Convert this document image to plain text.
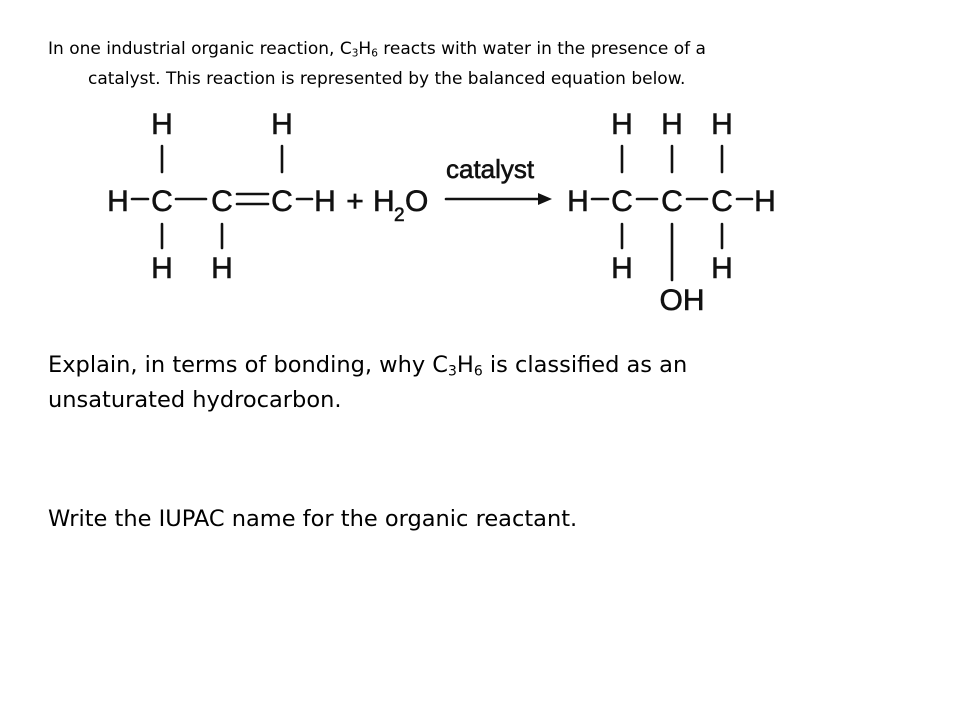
In one industrial organic reaction, $C_3H_6$ reacts with water in the presence of a
catalyst. This reaction is represented by the balanced equation below.
H	H
H C C C H
H H
+ H 2 O
catalyst
H H H
H C C C H
H	H
OH

Explain, in terms of bonding, why $C_3H_6$ is classified as an
unsaturated hydrocarbon.

Write the IUPAC name for the organic reactant.
